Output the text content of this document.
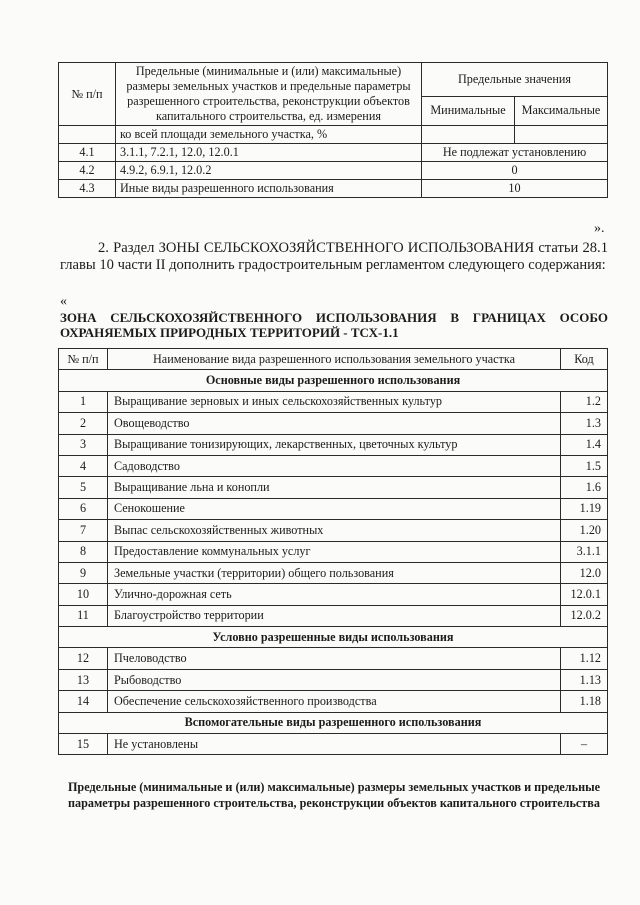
№ п/п	Предельные (минимальные и (или) максимальные) размеры земельных участков и предельные параметры разрешенного строительства, реконструкции объектов капитального строительства, ед. измерения	Предельные значения	
		Минимальные	Максимальные
	ко всей площади земельного участка, %		
4.1	3.1.1, 7.2.1, 12.0, 12.0.1	Не подлежат установлению	
4.2	4.9.2, 6.9.1, 12.0.2	0	
4.3	Иные виды разрешенного использования	10	
».
2. Раздел ЗОНЫ СЕЛЬСКОХОЗЯЙСТВЕННОГО ИСПОЛЬЗОВАНИЯ статьи 28.1 главы 10 части II дополнить градостроительным регламентом следующего содержания:
«
ЗОНА СЕЛЬСКОХОЗЯЙСТВЕННОГО ИСПОЛЬЗОВАНИЯ В ГРАНИЦАХ ОСОБО ОХРАНЯЕМЫХ ПРИРОДНЫХ ТЕРРИТОРИЙ - ТСХ-1.1
№ п/п	Наименование вида разрешенного использования земельного участка	Код
Основные виды разрешенного использования		
1	Выращивание зерновых и иных сельскохозяйственных культур	1.2
2	Овощеводство	1.3
3	Выращивание тонизирующих, лекарственных, цветочных культур	1.4
4	Садоводство	1.5
5	Выращивание льна и конопли	1.6
6	Сенокошение	1.19
7	Выпас сельскохозяйственных животных	1.20
8	Предоставление коммунальных услуг	3.1.1
9	Земельные участки (территории) общего пользования	12.0
10	Улично-дорожная сеть	12.0.1
11	Благоустройство территории	12.0.2
Условно разрешенные виды использования		
12	Пчеловодство	1.12
13	Рыбоводство	1.13
14	Обеспечение сельскохозяйственного производства	1.18
Вспомогательные виды разрешенного использования		
15	Не установлены	–
Предельные (минимальные и (или) максимальные) размеры земельных участков и предельные параметры разрешенного строительства, реконструкции объектов капитального строительства
